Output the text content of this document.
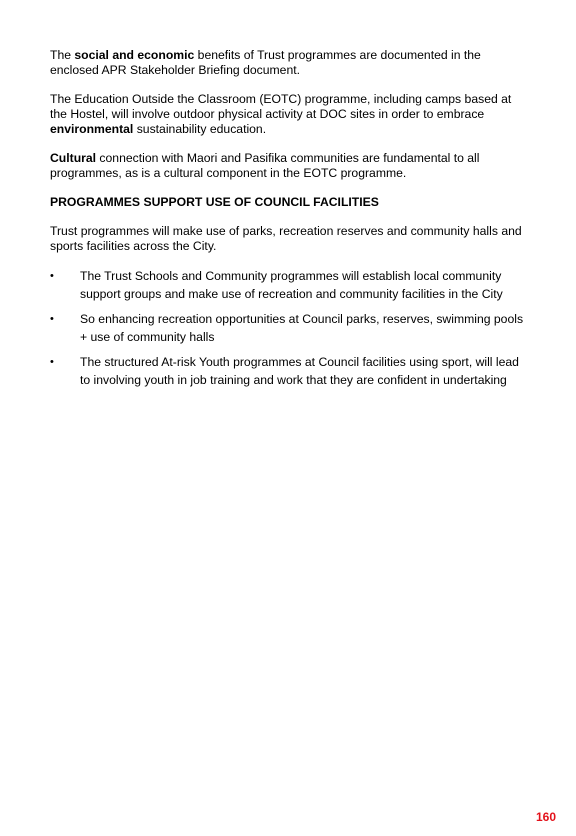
The social and economic benefits of Trust programmes are documented in the enclosed APR Stakeholder Briefing document.

The Education Outside the Classroom (EOTC) programme, including camps based at the Hostel, will involve outdoor physical activity at DOC sites in order to embrace environmental sustainability education.

Cultural connection with Maori and Pasifika communities are fundamental to all programmes, as is a cultural component in the EOTC programme.

PROGRAMMES SUPPORT USE OF COUNCIL FACILITIES

Trust programmes will make use of parks, recreation reserves and community halls and sports facilities across the City.

• The Trust Schools and Community programmes will establish local community support groups and make use of recreation and community facilities in the City
• So enhancing recreation opportunities at Council parks, reserves, swimming pools + use of community halls
• The structured At-risk Youth programmes at Council facilities using sport, will lead to involving youth in job training and work that they are confident in undertaking
160
